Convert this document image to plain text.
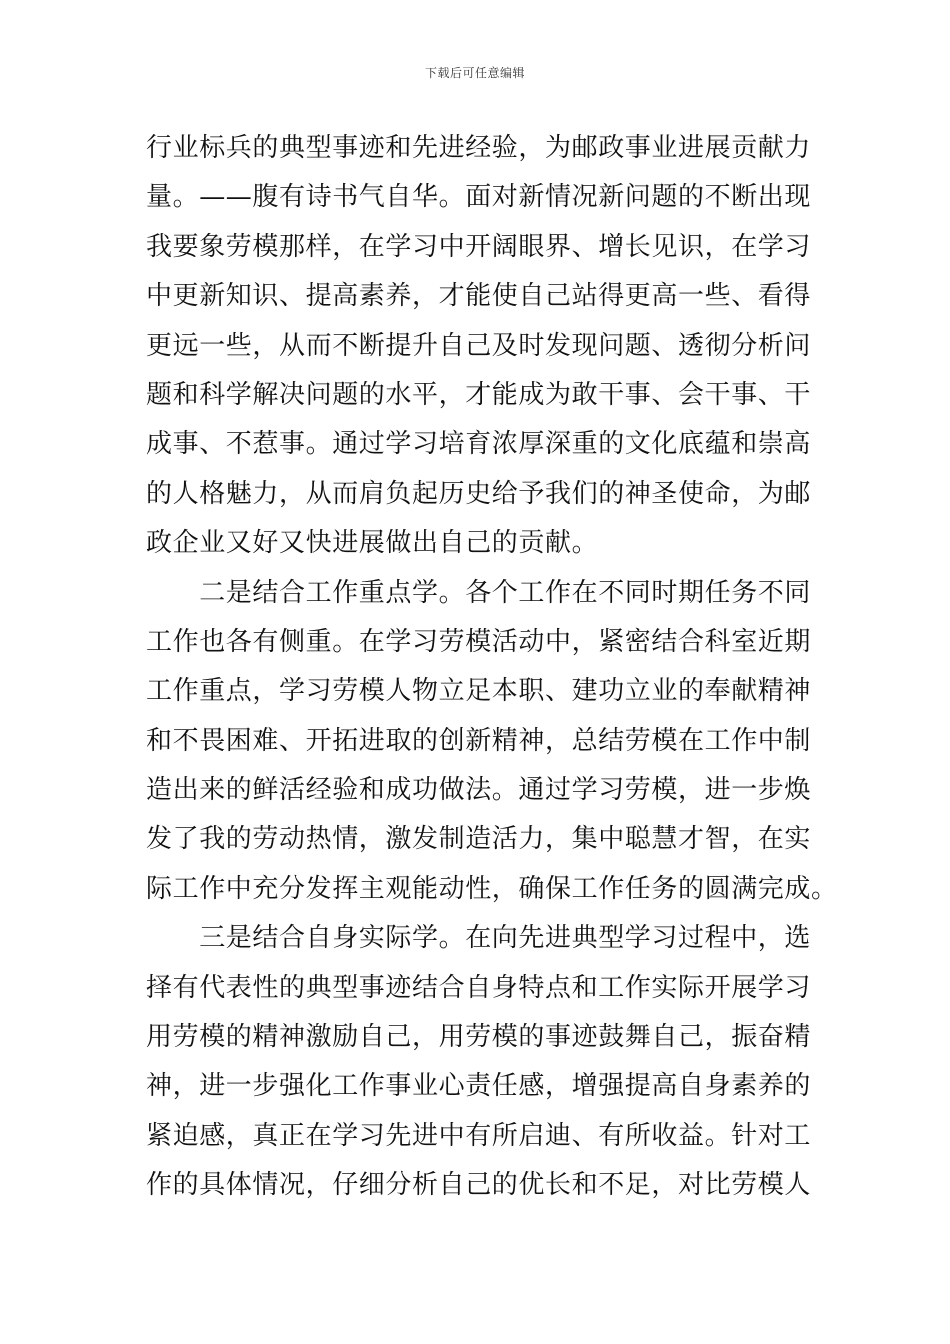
下载后可任意编辑

行业标兵的典型事迹和先进经验，为邮政事业进展贡献力
量。——腹有诗书气自华。面对新情况新问题的不断出现
我要象劳模那样，在学习中开阔眼界、增长见识，在学习
中更新知识、提高素养，才能使自己站得更高一些、看得
更远一些，从而不断提升自己及时发现问题、透彻分析问
题和科学解决问题的水平，才能成为敢干事、会干事、干
成事、不惹事。通过学习培育浓厚深重的文化底蕴和崇高
的人格魅力，从而肩负起历史给予我们的神圣使命，为邮
政企业又好又快进展做出自己的贡献。

　　二是结合工作重点学。各个工作在不同时期任务不同
工作也各有侧重。在学习劳模活动中，紧密结合科室近期
工作重点，学习劳模人物立足本职、建功立业的奉献精神
和不畏困难、开拓进取的创新精神，总结劳模在工作中制
造出来的鲜活经验和成功做法。通过学习劳模，进一步焕
发了我的劳动热情，激发制造活力，集中聪慧才智，在实
际工作中充分发挥主观能动性，确保工作任务的圆满完成。

　　三是结合自身实际学。在向先进典型学习过程中，选
择有代表性的典型事迹结合自身特点和工作实际开展学习
用劳模的精神激励自己，用劳模的事迹鼓舞自己，振奋精
神，进一步强化工作事业心责任感，增强提高自身素养的
紧迫感，真正在学习先进中有所启迪、有所收益。针对工
作的具体情况，仔细分析自己的优长和不足，对比劳模人
